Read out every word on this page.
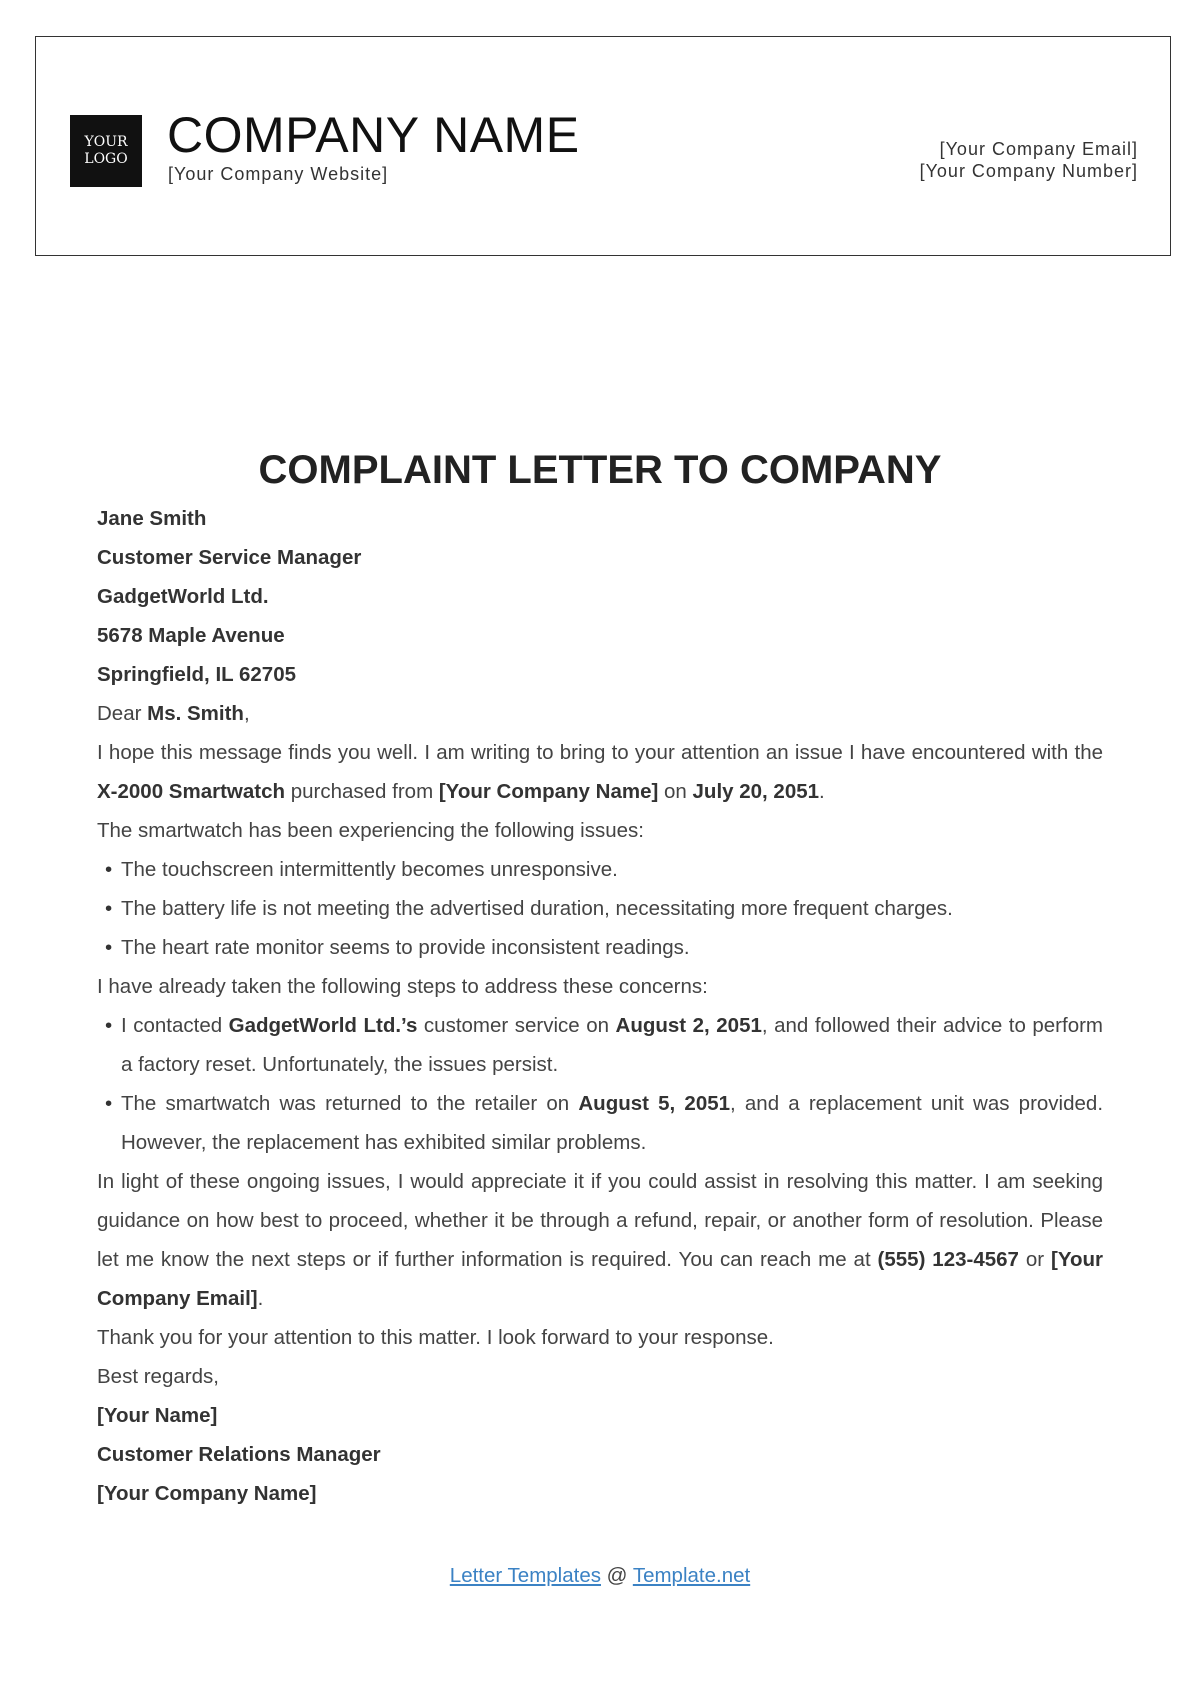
YOUR
LOGO COMPANY NAME
[Your Company Website]
[Your Company Email]
[Your Company Number]
COMPLAINT LETTER TO COMPANY
Jane Smith
Customer Service Manager
GadgetWorld Ltd.
5678 Maple Avenue
Springfield, IL 62705

Dear Ms. Smith,

I hope this message finds you well. I am writing to bring to your attention an issue I have encountered with the X-2000 Smartwatch purchased from [Your Company Name] on July 20, 2051.

The smartwatch has been experiencing the following issues:

• The touchscreen intermittently becomes unresponsive.
• The battery life is not meeting the advertised duration, necessitating more frequent charges.
• The heart rate monitor seems to provide inconsistent readings.

I have already taken the following steps to address these concerns:

• I contacted GadgetWorld Ltd.’s customer service on August 2, 2051, and followed their advice to perform a factory reset. Unfortunately, the issues persist.
• The smartwatch was returned to the retailer on August 5, 2051, and a replacement unit was provided. However, the replacement has exhibited similar problems.

In light of these ongoing issues, I would appreciate it if you could assist in resolving this matter. I am seeking guidance on how best to proceed, whether it be through a refund, repair, or another form of resolution. Please let me know the next steps or if further information is required. You can reach me at (555) 123-4567 or [Your Company Email].

Thank you for your attention to this matter. I look forward to your response.

Best regards,

[Your Name]
Customer Relations Manager
[Your Company Name]
Letter Templates @ Template.net
